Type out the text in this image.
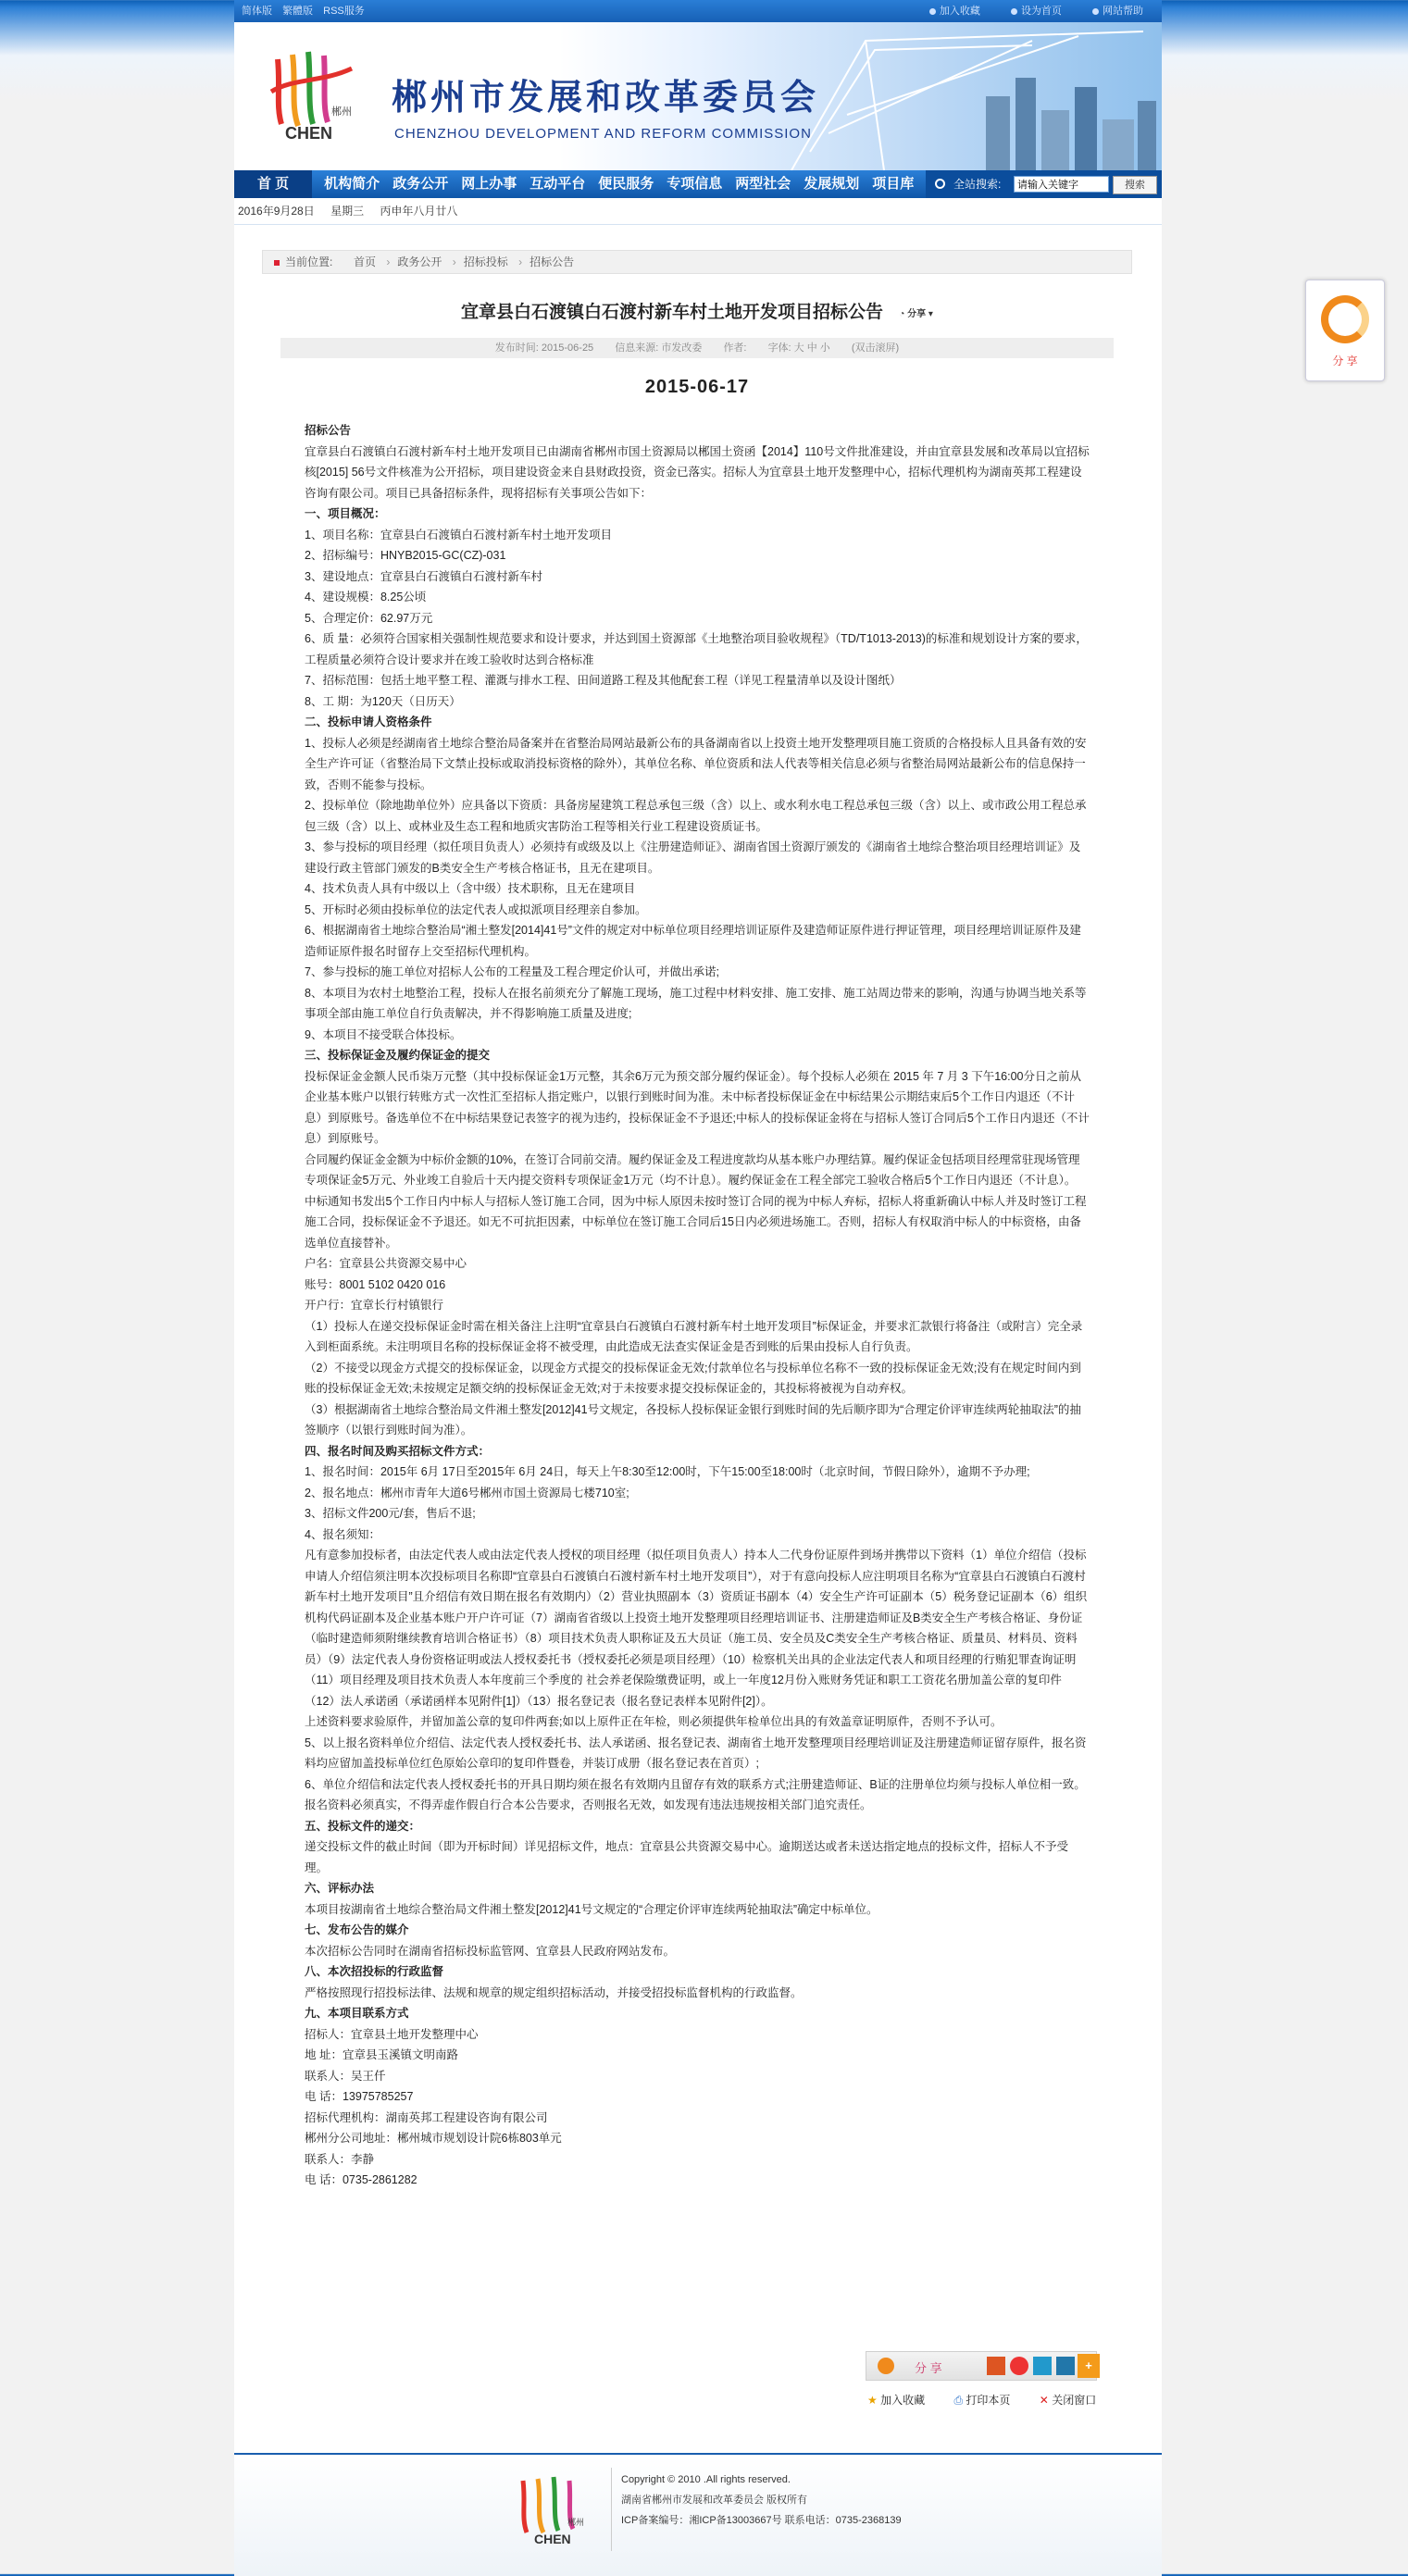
简体版 繁體版 RSS服务	加入收藏	设为首页	网站帮助
郴州
CHEN
郴州市发展和改革委员会
CHENZHOU DEVELOPMENT AND REFORM COMMISSION
首 页	机构简介 政务公开 网上办事 互动平台 便民服务 专项信息 两型社会 发展规划 项目库	全站搜索:
请输入关键字	搜索
2016年9月28日 星期三 丙申年八月廿八
当前位置: 首页 › 政务公开 › 招标投标 › 招标公告
宜章县白石渡镇白石渡村新车村土地开发项目招标公告 ◔ 分享 ▾
发布时间: 2015-06-25 信息来源: 市发改委 作者: 字体: 大 中 小 (双击滚屏)
2015-06-17

招标公告

宜章县白石渡镇白石渡村新车村土地开发项目已由湖南省郴州市国土资源局以郴国土资函【2014】110号文件批准建设，并由宜章县发展和改革局以宜招标核[2015] 56号文件核准为公开招标，项目建设资金来自县财政投资，资金已落实。招标人为宜章县土地开发整理中心，招标代理机构为湖南英邦工程建设咨询有限公司。项目已具备招标条件，现将招标有关事项公告如下：

一、项目概况：

1、项目名称：宜章县白石渡镇白石渡村新车村土地开发项目

2、招标编号：HNYB2015-GC(CZ)-031

3、建设地点：宜章县白石渡镇白石渡村新车村

4、建设规模：8.25公顷

5、合理定价：62.97万元

6、质 量：必须符合国家相关强制性规范要求和设计要求，并达到国土资源部《土地整治项目验收规程》（TD/T1013-2013)的标准和规划设计方案的要求，工程质量必须符合设计要求并在竣工验收时达到合格标准

7、招标范围：包括土地平整工程、灌溉与排水工程、田间道路工程及其他配套工程（详见工程量清单以及设计图纸）

8、工 期：为120天（日历天）

二、投标申请人资格条件

1、投标人必须是经湖南省土地综合整治局备案并在省整治局网站最新公布的具备湖南省以上投资土地开发整理项目施工资质的合格投标人且具备有效的安全生产许可证（省整治局下文禁止投标或取消投标资格的除外），其单位名称、单位资质和法人代表等相关信息必须与省整治局网站最新公布的信息保持一致，否则不能参与投标。

2、投标单位（除地勘单位外）应具备以下资质：具备房屋建筑工程总承包三级（含）以上、或水利水电工程总承包三级（含）以上、或市政公用工程总承包三级（含）以上、或林业及生态工程和地质灾害防治工程等相关行业工程建设资质证书。

3、参与投标的项目经理（拟任项目负责人）必须持有或级及以上《注册建造师证》、湖南省国土资源厅颁发的《湖南省土地综合整治项目经理培训证》及建设行政主管部门颁发的B类安全生产考核合格证书，且无在建项目。

4、技术负责人具有中级以上（含中级）技术职称，且无在建项目

5、开标时必须由投标单位的法定代表人或拟派项目经理亲自参加。

6、根据湖南省土地综合整治局“湘土整发[2014]41号”文件的规定对中标单位项目经理培训证原件及建造师证原件进行押证管理，项目经理培训证原件及建造师证原件报名时留存上交至招标代理机构。

7、参与投标的施工单位对招标人公布的工程量及工程合理定价认可，并做出承诺;

8、本项目为农村土地整治工程，投标人在报名前须充分了解施工现场，施工过程中材料安排、施工安排、施工站周边带来的影响，沟通与协调当地关系等事项全部由施工单位自行负责解决，并不得影响施工质量及进度;

9、本项目不接受联合体投标。

三、投标保证金及履约保证金的提交

投标保证金金额人民币柒万元整（其中投标保证金1万元整，其余6万元为预交部分履约保证金）。每个投标人必须在 2015 年 7 月 3 下午16:00分日之前从企业基本账户以银行转账方式一次性汇至招标人指定账户，以银行到账时间为准。未中标者投标保证金在中标结果公示期结束后5个工作日内退还（不计息）到原账号。备选单位不在中标结果登记表签字的视为违约，投标保证金不予退还;中标人的投标保证金将在与招标人签订合同后5个工作日内退还（不计息）到原账号。

合同履约保证金金额为中标价金额的10%，在签订合同前交清。履约保证金及工程进度款均从基本账户办理结算。履约保证金包括项目经理常驻现场管理专项保证金5万元、外业竣工自验后十天内提交资料专项保证金1万元（均不计息）。履约保证金在工程全部完工验收合格后5个工作日内退还（不计息）。

中标通知书发出5个工作日内中标人与招标人签订施工合同，因为中标人原因未按时签订合同的视为中标人弃标，招标人将重新确认中标人并及时签订工程施工合同，投标保证金不予退还。如无不可抗拒因素，中标单位在签订施工合同后15日内必须进场施工。否则，招标人有权取消中标人的中标资格，由备选单位直接替补。

户名：宜章县公共资源交易中心

账号：8001 5102 0420 016

开户行：宜章长行村镇银行

（1）投标人在递交投标保证金时需在相关备注上注明“宜章县白石渡镇白石渡村新车村土地开发项目”标保证金，并要求汇款银行将备注（或附言）完全录入到柜面系统。未注明项目名称的投标保证金将不被受理，由此造成无法查实保证金是否到账的后果由投标人自行负责。

（2）不接受以现金方式提交的投标保证金，以现金方式提交的投标保证金无效;付款单位名与投标单位名称不一致的投标保证金无效;没有在规定时间内到账的投标保证金无效;未按规定足额交纳的投标保证金无效;对于未按要求提交投标保证金的，其投标将被视为自动弃权。

（3）根据湖南省土地综合整治局文件湘土整发[2012]41号文规定，各投标人投标保证金银行到账时间的先后顺序即为“合理定价评审连续两轮抽取法”的抽签顺序（以银行到账时间为准）。

四、报名时间及购买招标文件方式：

1、报名时间：2015年 6月 17日至2015年 6月 24日，每天上午8:30至12:00时，下午15:00至18:00时（北京时间，节假日除外），逾期不予办理;

2、报名地点：郴州市青年大道6号郴州市国土资源局七楼710室;

3、招标文件200元/套，售后不退;

4、报名须知：

凡有意参加投标者，由法定代表人或由法定代表人授权的项目经理（拟任项目负责人）持本人二代身份证原件到场并携带以下资料（1）单位介绍信（投标申请人介绍信须注明本次投标项目名称即“宜章县白石渡镇白石渡村新车村土地开发项目”），对于有意向投标人应注明项目名称为“宜章县白石渡镇白石渡村新车村土地开发项目”且介绍信有效日期在报名有效期内）（2）营业执照副本（3）资质证书副本（4）安全生产许可证副本（5）税务登记证副本（6）组织机构代码证副本及企业基本账户开户许可证（7）湖南省省级以上投资土地开发整理项目经理培训证书、注册建造师证及B类安全生产考核合格证、身份证（临时建造师须附继续教育培训合格证书）（8）项目技术负责人职称证及五大员证（施工员、安全员及C类安全生产考核合格证、质量员、材料员、资料员）（9）法定代表人身份资格证明或法人授权委托书（授权委托必须是项目经理）（10）检察机关出具的企业法定代表人和项目经理的行贿犯罪查询证明（11）项目经理及项目技术负责人本年度前三个季度的 社会养老保险缴费证明，或上一年度12月份入账财务凭证和职工工资花名册加盖公章的复印件（12）法人承诺函（承诺函样本见附件[1]）（13）报名登记表（报名登记表样本见附件[2]）。

上述资料要求验原件，并留加盖公章的复印件两套;如以上原件正在年检，则必须提供年检单位出具的有效盖章证明原件，否则不予认可。

5、以上报名资料单位介绍信、法定代表人授权委托书、法人承诺函、报名登记表、湖南省土地开发整理项目经理培训证及注册建造师证留存原件，报名资料均应留加盖投标单位红色原始公章印的复印件暨卷，并装订成册（报名登记表在首页）;

6、单位介绍信和法定代表人授权委托书的开具日期均须在报名有效期内且留存有效的联系方式;注册建造师证、B证的注册单位均须与投标人单位相一致。报名资料必须真实，不得弄虚作假自行合本公告要求，否则报名无效，如发现有违法违规按相关部门追究责任。

五、投标文件的递交：

递交投标文件的截止时间（即为开标时间）详见招标文件，地点：宜章县公共资源交易中心。逾期送达或者未送达指定地点的投标文件，招标人不予受理。

六、评标办法

本项目按湖南省土地综合整治局文件湘土整发[2012]41号文规定的“合理定价评审连续两轮抽取法”确定中标单位。

七、发布公告的媒介

本次招标公告同时在湖南省招标投标监管网、宜章县人民政府网站发布。

八、本次招投标的行政监督

严格按照现行招投标法律、法规和规章的规定组织招标活动，并接受招投标监督机构的行政监督。

九、本项目联系方式

招标人：宜章县土地开发整理中心

地 址：宜章县玉溪镇文明南路

联系人：吴王仟

电 话：13975785257

招标代理机构：湖南英邦工程建设咨询有限公司

郴州分公司地址：郴州城市规划设计院6栋803单元

联系人：李静

电 话：0735-2861282

分 享	+
★ 加入收藏	⎙ 打印本页	✕ 关闭窗口
郴州
CHEN
Copyright © 2010 .All rights reserved.
湖南省郴州市发展和改革委员会 版权所有
ICP备案编号：湘ICP备13003667号 联系电话：0735-2368139
分 享
